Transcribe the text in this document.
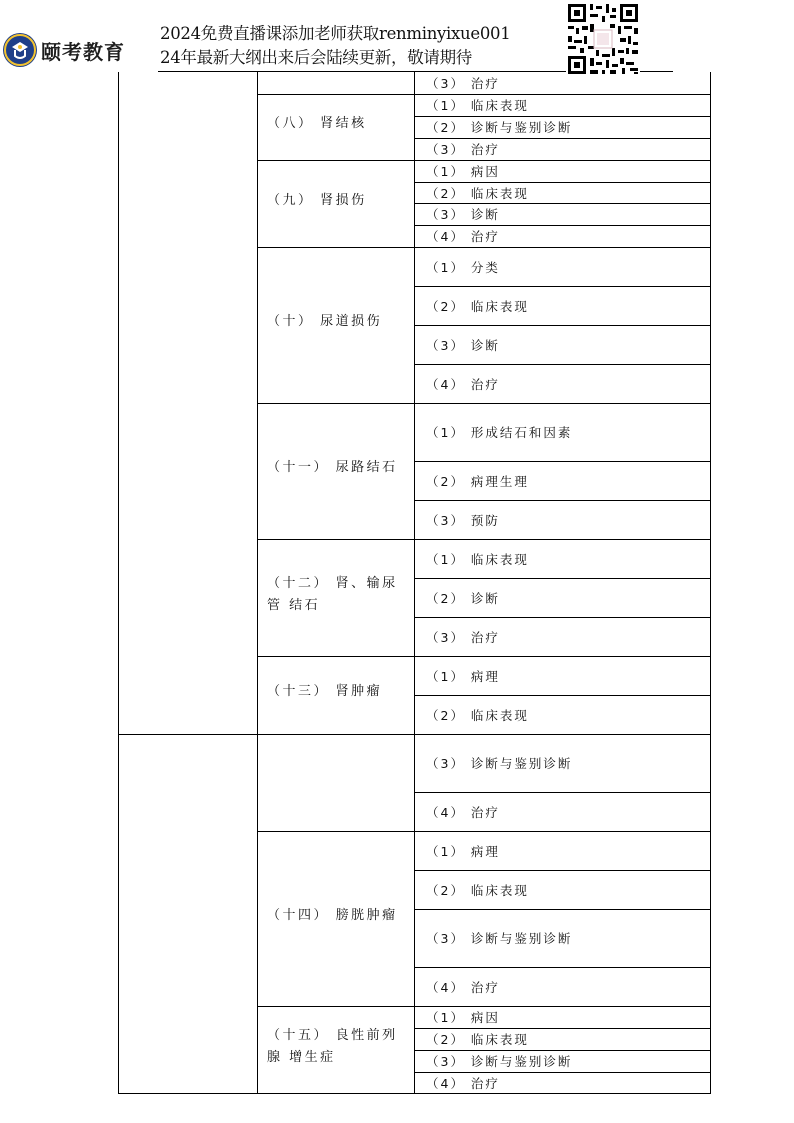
颐考教育
2024免费直播课添加老师获取renminyixue001
24年最新大纲出来后会陆续更新，敬请期待
（3） 治疗
（八） 肾结核
（1） 临床表现
（2） 诊断与鉴别诊断
（3） 治疗
（九） 肾损伤
（1） 病因
（2） 临床表现
（3） 诊断
（4） 治疗
（十） 尿道损伤
（1） 分类
（2） 临床表现
（3） 诊断
（4） 治疗
（十一） 尿路结石
（1） 形成结石和因素
（2） 病理生理
（3） 预防
（十二） 肾、输尿管 结石
（1） 临床表现
（2） 诊断
（3） 治疗
（十三） 肾肿瘤
（1） 病理
（2） 临床表现
（3） 诊断与鉴别诊断
（4） 治疗
（十四） 膀胱肿瘤
（1） 病理
（2） 临床表现
（3） 诊断与鉴别诊断
（4） 治疗
（十五） 良性前列腺 增生症
（1） 病因
（2） 临床表现
（3） 诊断与鉴别诊断
（4） 治疗
